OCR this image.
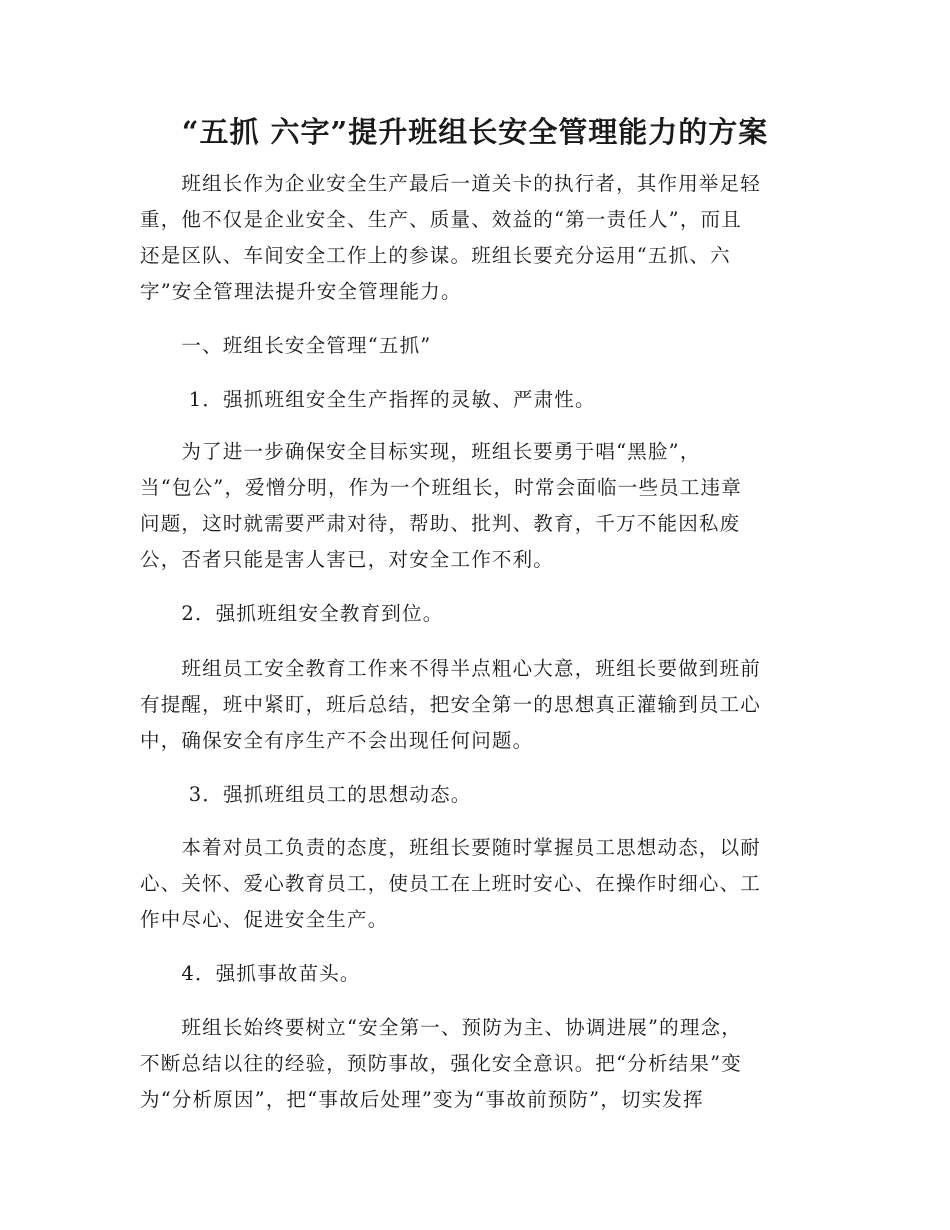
“五抓 六字”提升班组长安全管理能力的方案

　　班组长作为企业安全生产最后一道关卡的执行者，其作用举足轻
重，他不仅是企业安全、生产、质量、效益的“第一责任人”，而且
还是区队、车间安全工作上的参谋。班组长要充分运用“五抓、六
字”安全管理法提升安全管理能力。

　　一、班组长安全管理“五抓”

　　 1．强抓班组安全生产指挥的灵敏、严肃性。

　　为了进一步确保安全目标实现，班组长要勇于唱“黑脸”，
当“包公”，爱憎分明，作为一个班组长，时常会面临一些员工违章
问题，这时就需要严肃对待，帮助、批判、教育，千万不能因私废
公，否者只能是害人害已，对安全工作不利。

　　2．强抓班组安全教育到位。

　　班组员工安全教育工作来不得半点粗心大意，班组长要做到班前
有提醒，班中紧盯，班后总结，把安全第一的思想真正灌输到员工心
中，确保安全有序生产不会出现任何问题。

　　 3．强抓班组员工的思想动态。

　　本着对员工负责的态度，班组长要随时掌握员工思想动态，以耐
心、关怀、爱心教育员工，使员工在上班时安心、在操作时细心、工
作中尽心、促进安全生产。

　　4．强抓事故苗头。

　　班组长始终要树立“安全第一、预防为主、协调进展”的理念，
不断总结以往的经验，预防事故，强化安全意识。把“分析结果”变
为“分析原因”，把“事故后处理”变为“事故前预防”，切实发挥
